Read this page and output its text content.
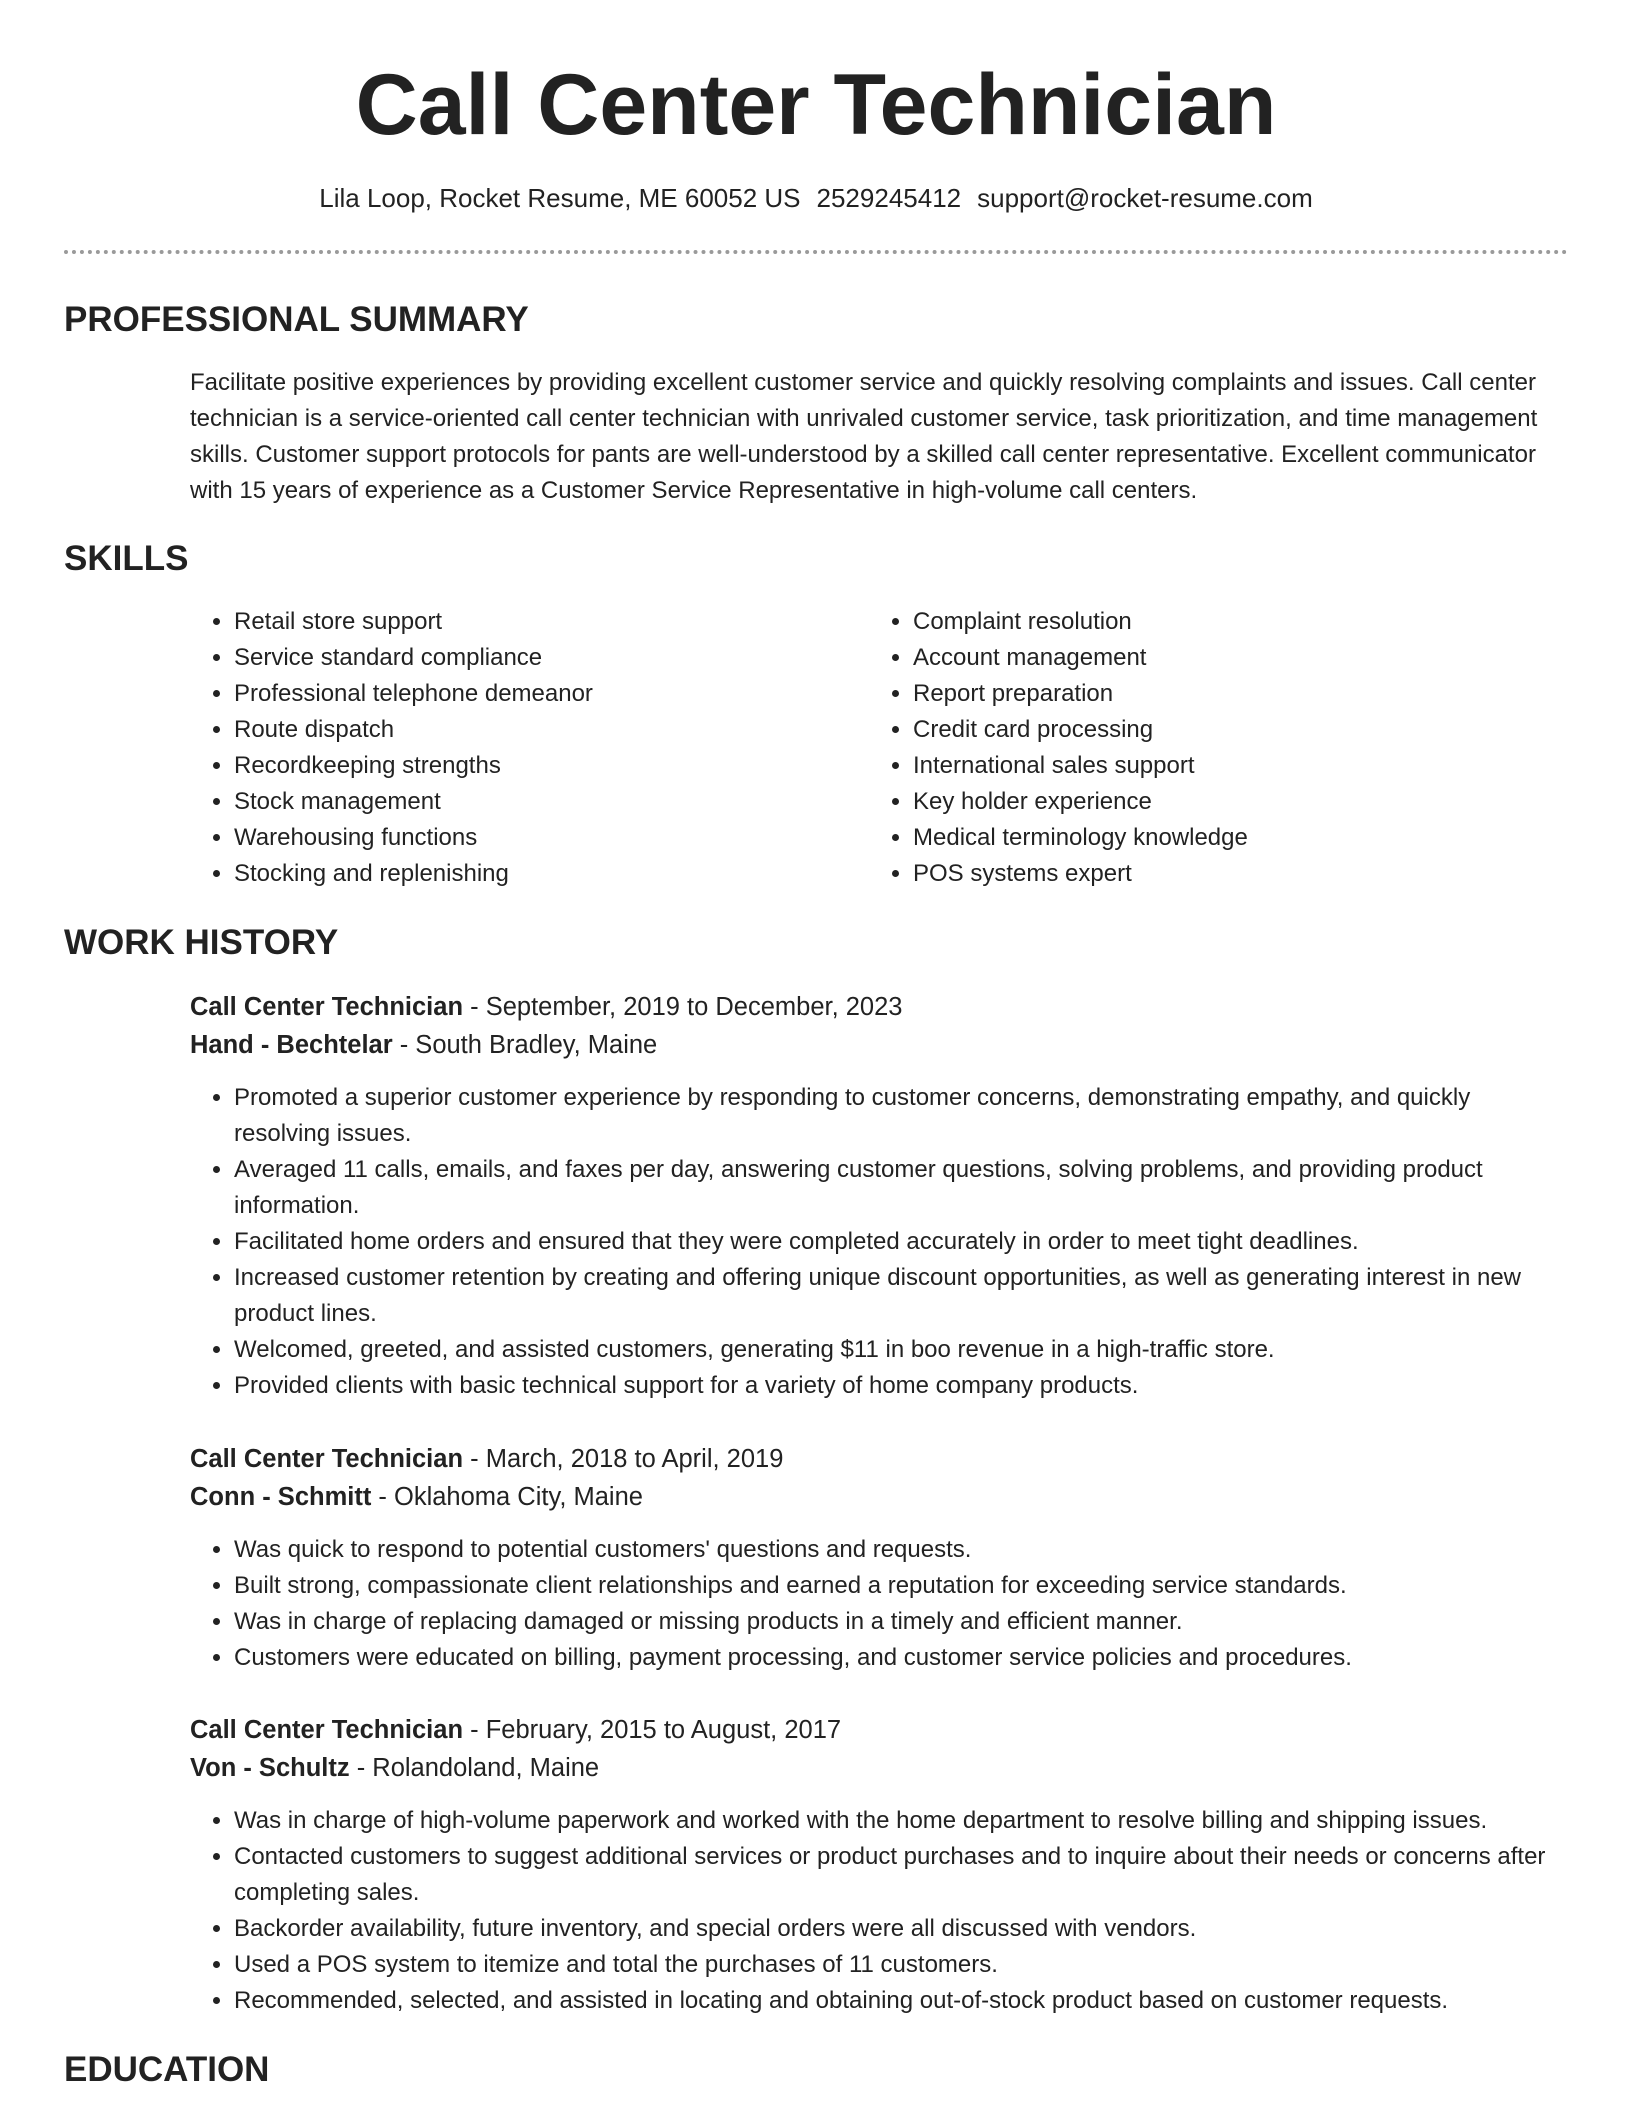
Call Center Technician
Lila Loop, Rocket Resume, ME 60052 US 2529245412 support@rocket-resume.com
PROFESSIONAL SUMMARY

Facilitate positive experiences by providing excellent customer service and quickly resolving complaints and issues. Call center technician is a service-oriented call center technician with unrivaled customer service, task prioritization, and time management skills. Customer support protocols for pants are well-understood by a skilled call center representative. Excellent communicator with 15 years of experience as a Customer Service Representative in high-volume call centers.

SKILLS
• Retail store support
• Service standard compliance
• Professional telephone demeanor
• Route dispatch
• Recordkeeping strengths
• Stock management
• Warehousing functions
• Stocking and replenishing
• Complaint resolution
• Account management
• Report preparation
• Credit card processing
• International sales support
• Key holder experience
• Medical terminology knowledge
• POS systems expert
WORK HISTORY

Call Center Technician - September, 2019 to December, 2023

Hand - Bechtelar - South Bradley, Maine

• Promoted a superior customer experience by responding to customer concerns, demonstrating empathy, and quickly resolving issues.
• Averaged 11 calls, emails, and faxes per day, answering customer questions, solving problems, and providing product information.
• Facilitated home orders and ensured that they were completed accurately in order to meet tight deadlines.
• Increased customer retention by creating and offering unique discount opportunities, as well as generating interest in new product lines.
• Welcomed, greeted, and assisted customers, generating $11 in boo revenue in a high-traffic store.
• Provided clients with basic technical support for a variety of home company products.

Call Center Technician - March, 2018 to April, 2019

Conn - Schmitt - Oklahoma City, Maine

• Was quick to respond to potential customers' questions and requests.
• Built strong, compassionate client relationships and earned a reputation for exceeding service standards.
• Was in charge of replacing damaged or missing products in a timely and efficient manner.
• Customers were educated on billing, payment processing, and customer service policies and procedures.

Call Center Technician - February, 2015 to August, 2017

Von - Schultz - Rolandoland, Maine

• Was in charge of high-volume paperwork and worked with the home department to resolve billing and shipping issues.
• Contacted customers to suggest additional services or product purchases and to inquire about their needs or concerns after completing sales.
• Backorder availability, future inventory, and special orders were all discussed with vendors.
• Used a POS system to itemize and total the purchases of 11 customers.
• Recommended, selected, and assisted in locating and obtaining out-of-stock product based on customer requests.
EDUCATION
